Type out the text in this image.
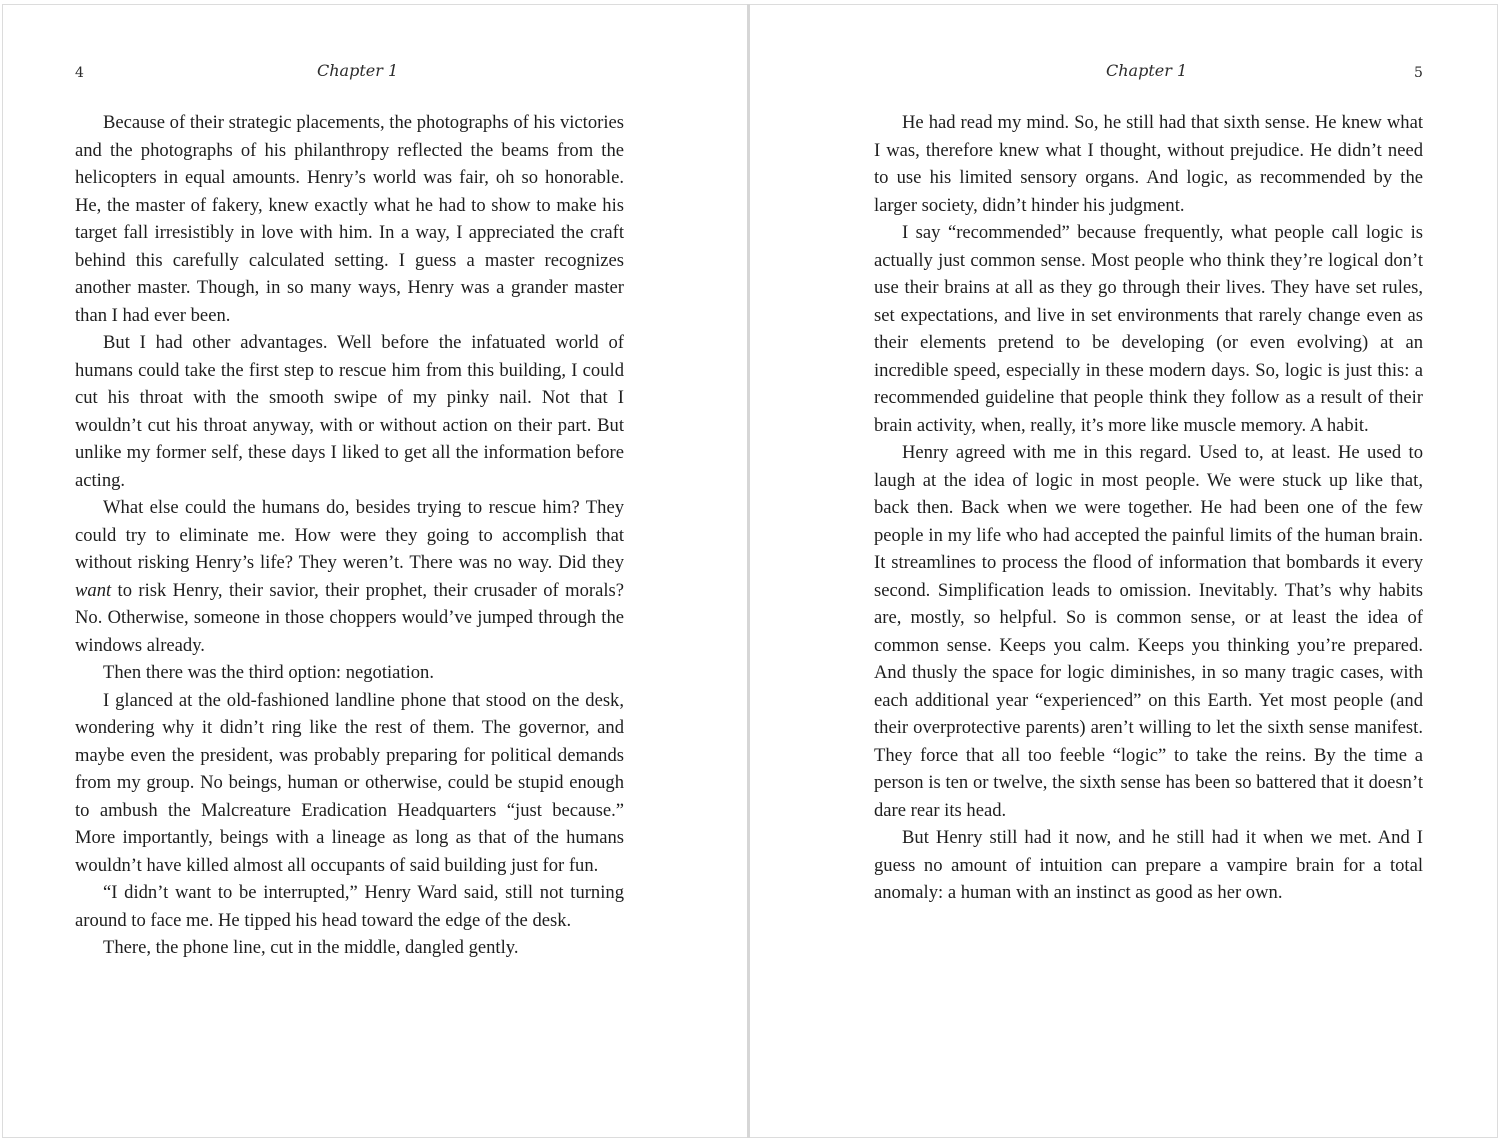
4	Chapter 1

Because of their strategic placements, the photographs of his victories and the photographs of his philanthropy reflected the beams from the helicopters in equal amounts. Henry’s world was fair, oh so honorable. He, the master of fakery, knew exactly what he had to show to make his target fall irresistibly in love with him. In a way, I appreciated the craft behind this carefully calculated setting. I guess a master recognizes another master. Though, in so many ways, Henry was a grander master than I had ever been.

But I had other advantages. Well before the infatuated world of humans could take the first step to rescue him from this building, I could cut his throat with the smooth swipe of my pinky nail. Not that I wouldn’t cut his throat anyway, with or without action on their part. But unlike my former self, these days I liked to get all the information before acting.

What else could the humans do, besides trying to rescue him? They could try to eliminate me. How were they going to accomplish that without risking Henry’s life? They weren’t. There was no way. Did they want to risk Henry, their savior, their prophet, their crusader of morals? No. Otherwise, someone in those choppers would’ve jumped through the windows already.

Then there was the third option: negotiation.

I glanced at the old-fashioned landline phone that stood on the desk, wondering why it didn’t ring like the rest of them. The governor, and maybe even the president, was probably preparing for political demands from my group. No beings, human or otherwise, could be stupid enough to ambush the Malcreature Eradication Headquarters “just because.” More importantly, beings with a lineage as long as that of the humans wouldn’t have killed almost all occupants of said building just for fun.

“I didn’t want to be interrupted,” Henry Ward said, still not turning around to face me. He tipped his head toward the edge of the desk.

There, the phone line, cut in the middle, dangled gently.

Chapter 1	5

He had read my mind. So, he still had that sixth sense. He knew what I was, therefore knew what I thought, without prejudice. He didn’t need to use his limited sensory organs. And logic, as recommended by the larger society, didn’t hinder his judgment.

I say “recommended” because frequently, what people call logic is actually just common sense. Most people who think they’re logical don’t use their brains at all as they go through their lives. They have set rules, set expectations, and live in set environments that rarely change even as their elements pretend to be developing (or even evolving) at an incredible speed, especially in these modern days. So, logic is just this: a recommended guideline that people think they follow as a result of their brain activity, when, really, it’s more like muscle memory. A habit.

Henry agreed with me in this regard. Used to, at least. He used to laugh at the idea of logic in most people. We were stuck up like that, back then. Back when we were together. He had been one of the few people in my life who had accepted the painful limits of the human brain. It streamlines to process the flood of information that bombards it every second. Simplification leads to omission. Inevitably. That’s why habits are, mostly, so helpful. So is common sense, or at least the idea of common sense. Keeps you calm. Keeps you thinking you’re prepared. And thusly the space for logic diminishes, in so many tragic cases, with each additional year “experienced” on this Earth. Yet most people (and their overprotective parents) aren’t willing to let the sixth sense manifest. They force that all too feeble “logic” to take the reins. By the time a person is ten or twelve, the sixth sense has been so battered that it doesn’t dare rear its head.

But Henry still had it now, and he still had it when we met. And I guess no amount of intuition can prepare a vampire brain for a total anomaly: a human with an instinct as good as her own.
